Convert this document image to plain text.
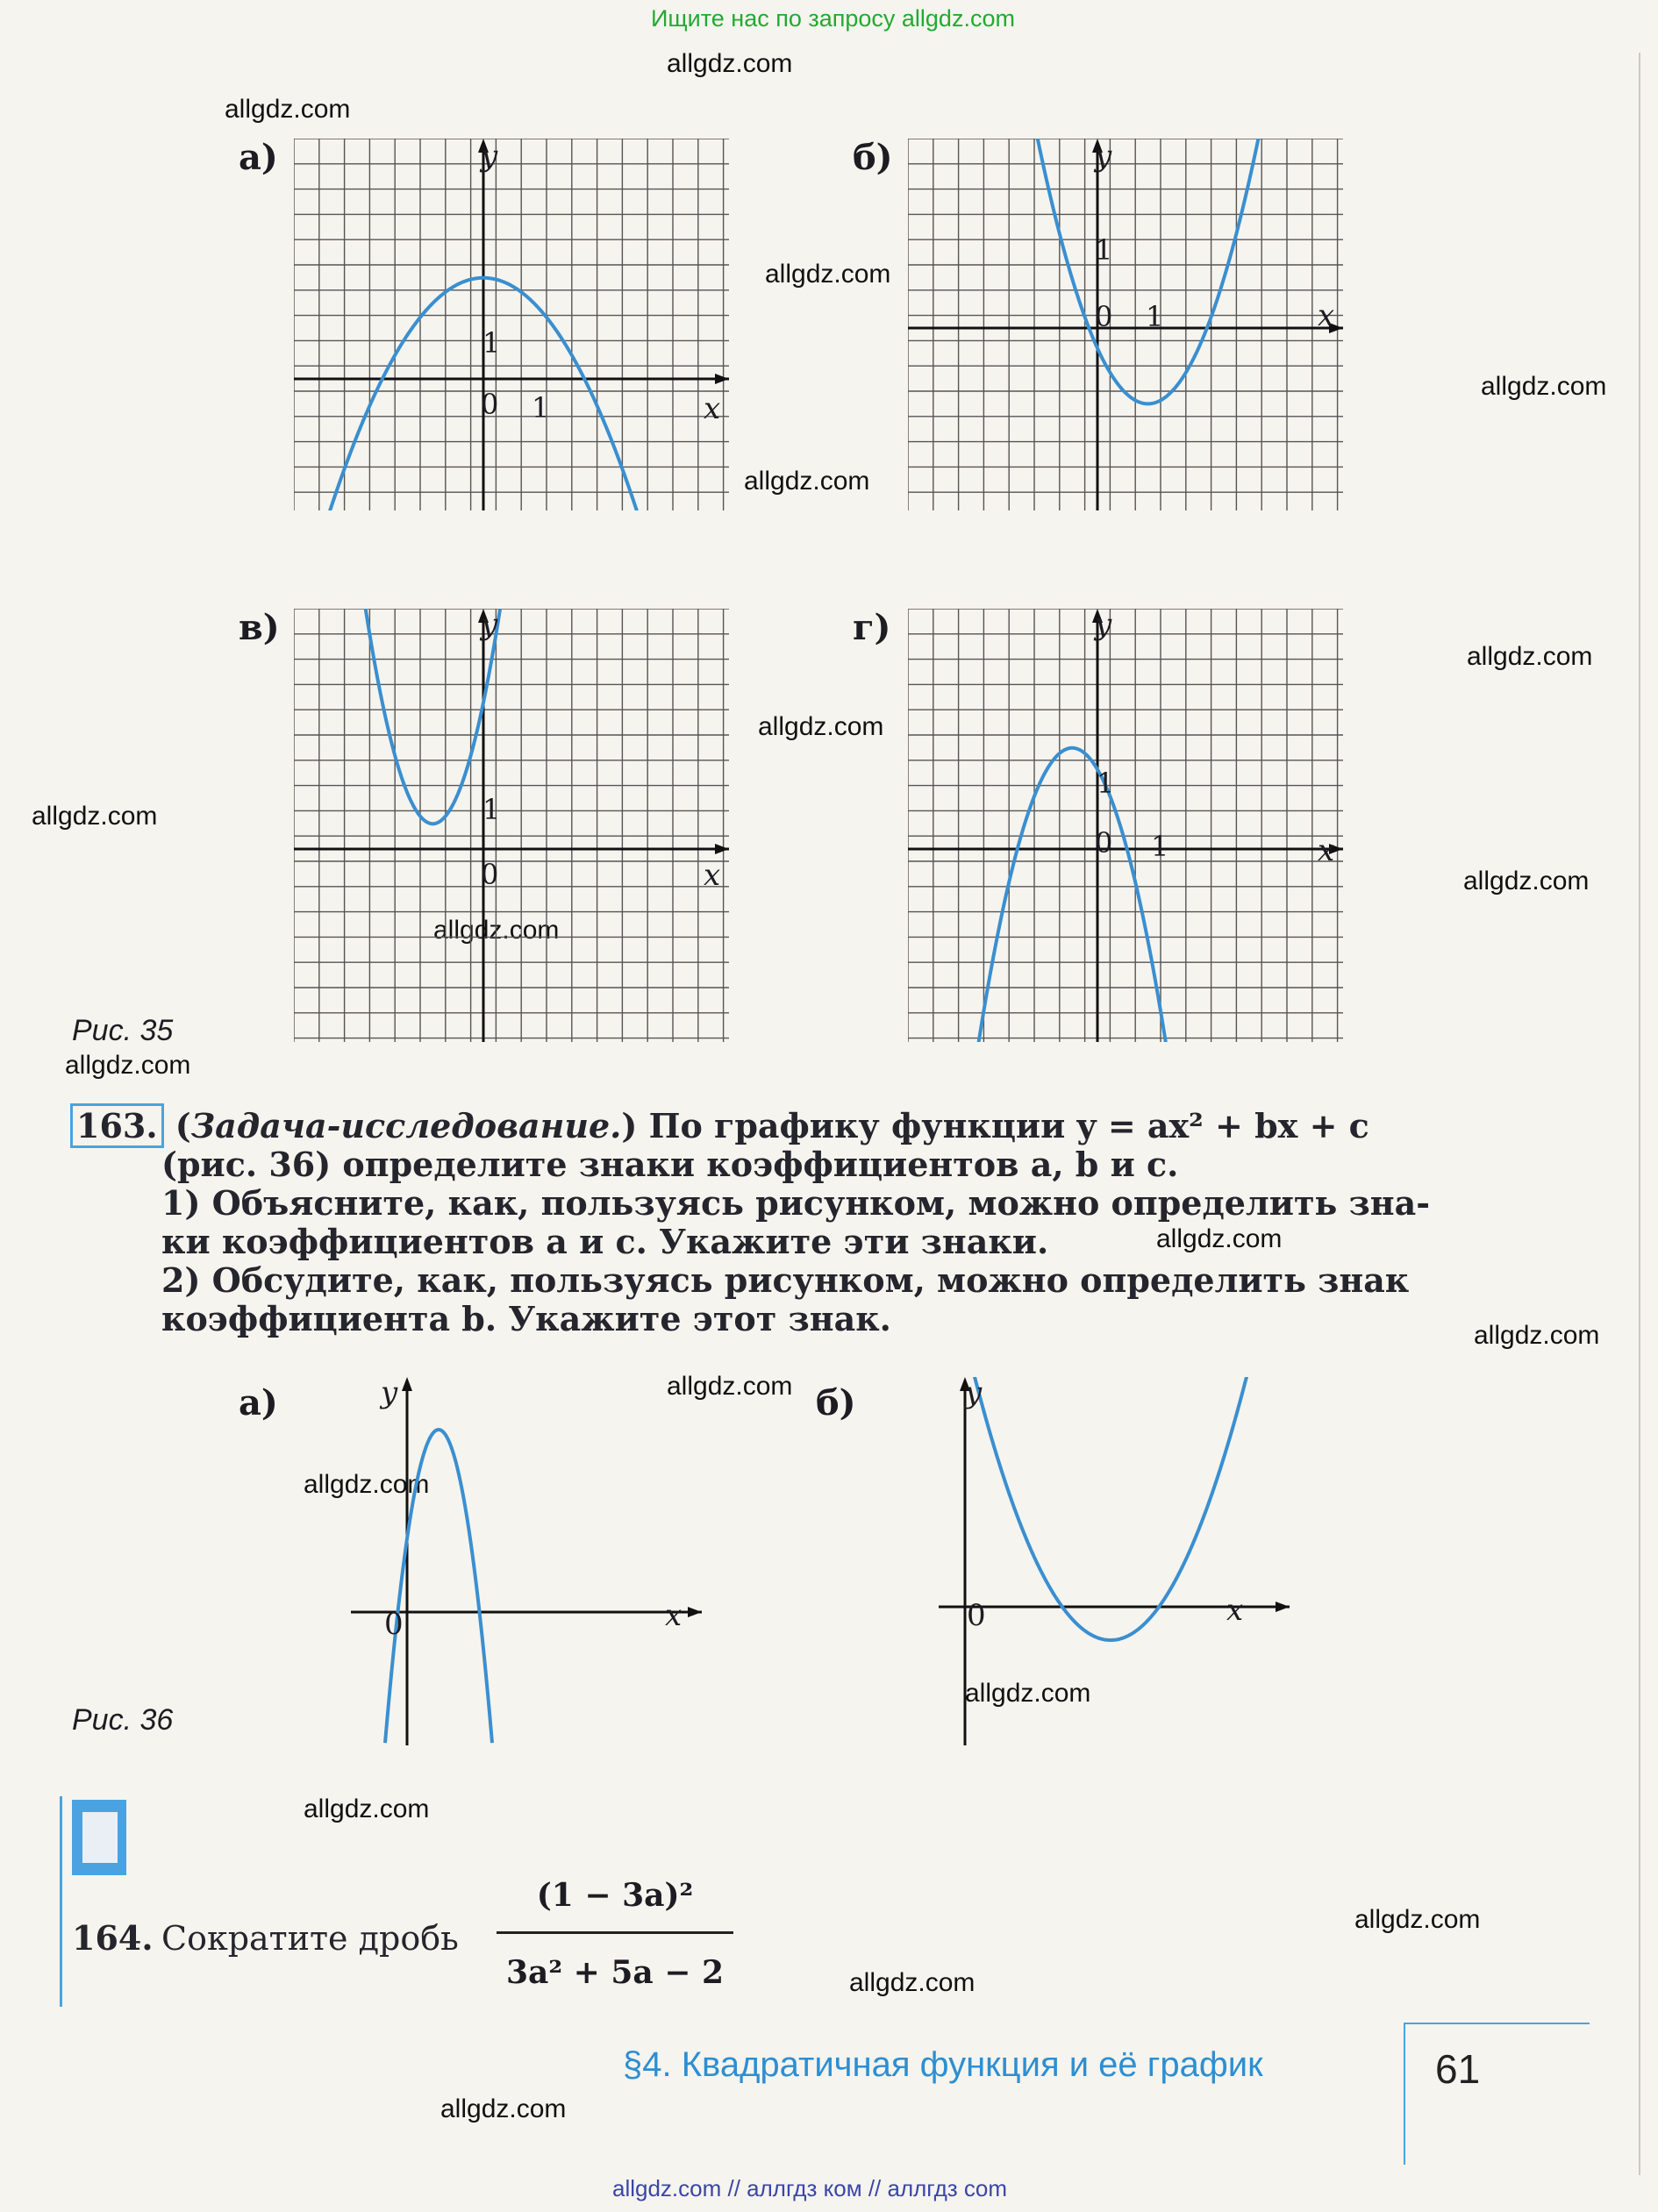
Ищите нас по запросу allgdz.com
allgdz.com
allgdz.com
allgdz.com
allgdz.com
allgdz.com
allgdz.com
allgdz.com
allgdz.com
allgdz.com
allgdz.com
allgdz.com
allgdz.com
allgdz.com
allgdz.com
allgdz.com
allgdz.com
allgdz.com
allgdz.com
allgdz.com
allgdz.com
allgdz.com // аллгдз ком // аллгдз com
а)	б)
в)	г)
y
x
0 1
1
y
x
0 1
1
y
x
0
1
y
x
0 1
1
Рис. 35
163. (Задача-исследование.) По графику функции y = ax² + bx + c
(рис. 36) определите знаки коэффициентов a, b и c.
1) Объясните, как, пользуясь рисунком, можно определить зна-
ки коэффициентов a и c. Укажите эти знаки.
2) Обсудите, как, пользуясь рисунком, можно определить знак
коэффициента b. Укажите этот знак.
а)	б)
y
x
0
y
x
0
Рис. 36
164. Сократите дробь
(1 − 3a)²
3a² + 5a − 2
§4. Квадратичная функция и её график	61
